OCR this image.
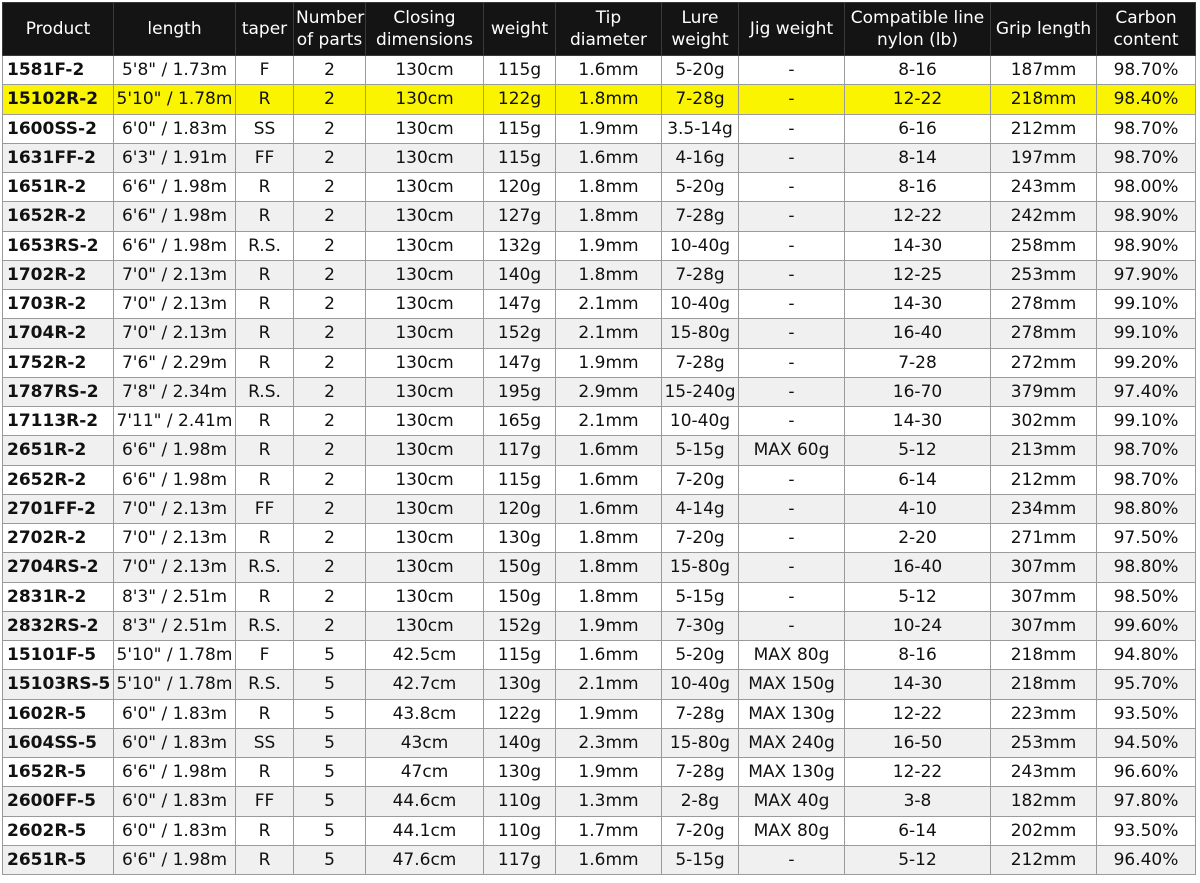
Product	length	taper	Number of parts	Closing dimensions	weight	Tip diameter	Lure weight	Jig weight	Compatible line nylon (lb)	Grip length	Carbon content
1581F-2	5'8" / 1.73m	F	2	130cm	115g	1.6mm	5-20g	-	8-16	187mm	98.70%
15102R-2	5'10" / 1.78m	R	2	130cm	122g	1.8mm	7-28g	-	12-22	218mm	98.40%
1600SS-2	6'0" / 1.83m	SS	2	130cm	115g	1.9mm	3.5-14g	-	6-16	212mm	98.70%
1631FF-2	6'3" / 1.91m	FF	2	130cm	115g	1.6mm	4-16g	-	8-14	197mm	98.70%
1651R-2	6'6" / 1.98m	R	2	130cm	120g	1.8mm	5-20g	-	8-16	243mm	98.00%
1652R-2	6'6" / 1.98m	R	2	130cm	127g	1.8mm	7-28g	-	12-22	242mm	98.90%
1653RS-2	6'6" / 1.98m	R.S.	2	130cm	132g	1.9mm	10-40g	-	14-30	258mm	98.90%
1702R-2	7'0" / 2.13m	R	2	130cm	140g	1.8mm	7-28g	-	12-25	253mm	97.90%
1703R-2	7'0" / 2.13m	R	2	130cm	147g	2.1mm	10-40g	-	14-30	278mm	99.10%
1704R-2	7'0" / 2.13m	R	2	130cm	152g	2.1mm	15-80g	-	16-40	278mm	99.10%
1752R-2	7'6" / 2.29m	R	2	130cm	147g	1.9mm	7-28g	-	7-28	272mm	99.20%
1787RS-2	7'8" / 2.34m	R.S.	2	130cm	195g	2.9mm	15-240g	-	16-70	379mm	97.40%
17113R-2	7'11" / 2.41m	R	2	130cm	165g	2.1mm	10-40g	-	14-30	302mm	99.10%
2651R-2	6'6" / 1.98m	R	2	130cm	117g	1.6mm	5-15g	MAX 60g	5-12	213mm	98.70%
2652R-2	6'6" / 1.98m	R	2	130cm	115g	1.6mm	7-20g	-	6-14	212mm	98.70%
2701FF-2	7'0" / 2.13m	FF	2	130cm	120g	1.6mm	4-14g	-	4-10	234mm	98.80%
2702R-2	7'0" / 2.13m	R	2	130cm	130g	1.8mm	7-20g	-	2-20	271mm	97.50%
2704RS-2	7'0" / 2.13m	R.S.	2	130cm	150g	1.8mm	15-80g	-	16-40	307mm	98.80%
2831R-2	8'3" / 2.51m	R	2	130cm	150g	1.8mm	5-15g	-	5-12	307mm	98.50%
2832RS-2	8'3" / 2.51m	R.S.	2	130cm	152g	1.9mm	7-30g	-	10-24	307mm	99.60%
15101F-5	5'10" / 1.78m	F	5	42.5cm	115g	1.6mm	5-20g	MAX 80g	8-16	218mm	94.80%
15103RS-5	5'10" / 1.78m	R.S.	5	42.7cm	130g	2.1mm	10-40g	MAX 150g	14-30	218mm	95.70%
1602R-5	6'0" / 1.83m	R	5	43.8cm	122g	1.9mm	7-28g	MAX 130g	12-22	223mm	93.50%
1604SS-5	6'0" / 1.83m	SS	5	43cm	140g	2.3mm	15-80g	MAX 240g	16-50	253mm	94.50%
1652R-5	6'6" / 1.98m	R	5	47cm	130g	1.9mm	7-28g	MAX 130g	12-22	243mm	96.60%
2600FF-5	6'0" / 1.83m	FF	5	44.6cm	110g	1.3mm	2-8g	MAX 40g	3-8	182mm	97.80%
2602R-5	6'0" / 1.83m	R	5	44.1cm	110g	1.7mm	7-20g	MAX 80g	6-14	202mm	93.50%
2651R-5	6'6" / 1.98m	R	5	47.6cm	117g	1.6mm	5-15g	-	5-12	212mm	96.40%
